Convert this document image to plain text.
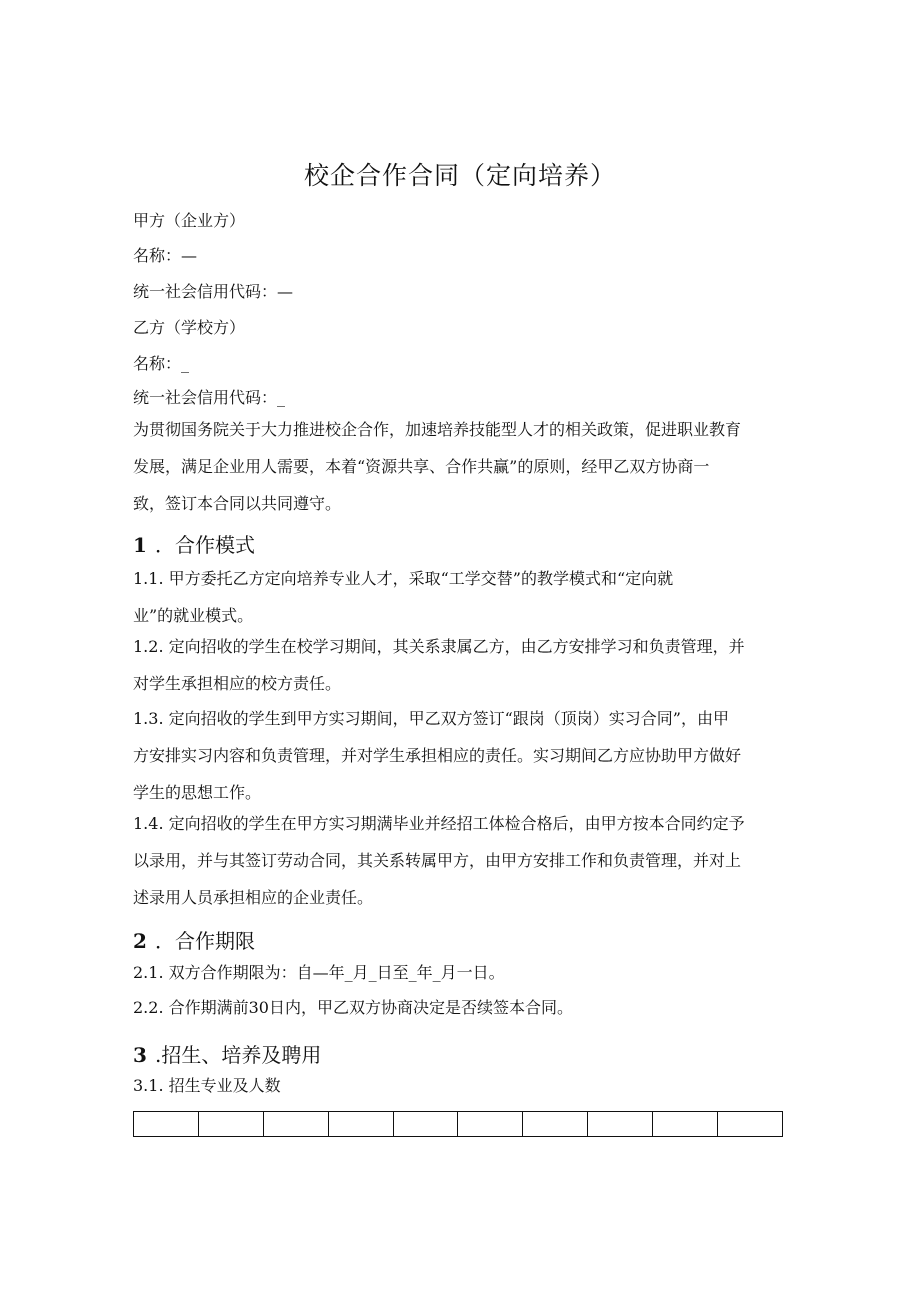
校企合作合同（定向培养）
甲方（企业方）
名称：—
统一社会信用代码：—
乙方（学校方）
名称：_
统一社会信用代码：_
为贯彻国务院关于大力推进校企合作，加速培养技能型人才的相关政策，促进职业教育
发展，满足企业用人需要，本着“资源共享、合作共赢”的原则，经甲乙双方协商一
致，签订本合同以共同遵守。
1 ．合作模式
1.1. 甲方委托乙方定向培养专业人才，采取“工学交替”的教学模式和“定向就
业”的就业模式。
1.2. 定向招收的学生在校学习期间，其关系隶属乙方，由乙方安排学习和负责管理，并
对学生承担相应的校方责任。
1.3. 定向招收的学生到甲方实习期间，甲乙双方签订“跟岗（顶岗）实习合同”，由甲
方安排实习内容和负责管理，并对学生承担相应的责任。实习期间乙方应协助甲方做好
学生的思想工作。
1.4. 定向招收的学生在甲方实习期满毕业并经招工体检合格后，由甲方按本合同约定予
以录用，并与其签订劳动合同，其关系转属甲方，由甲方安排工作和负责管理，并对上
述录用人员承担相应的企业责任。
2 ．合作期限
2.1. 双方合作期限为：自—年_月_日至_年_月一日。
2.2. 合作期满前30日内，甲乙双方协商决定是否续签本合同。
3 .招生、培养及聘用
3.1. 招生专业及人数
